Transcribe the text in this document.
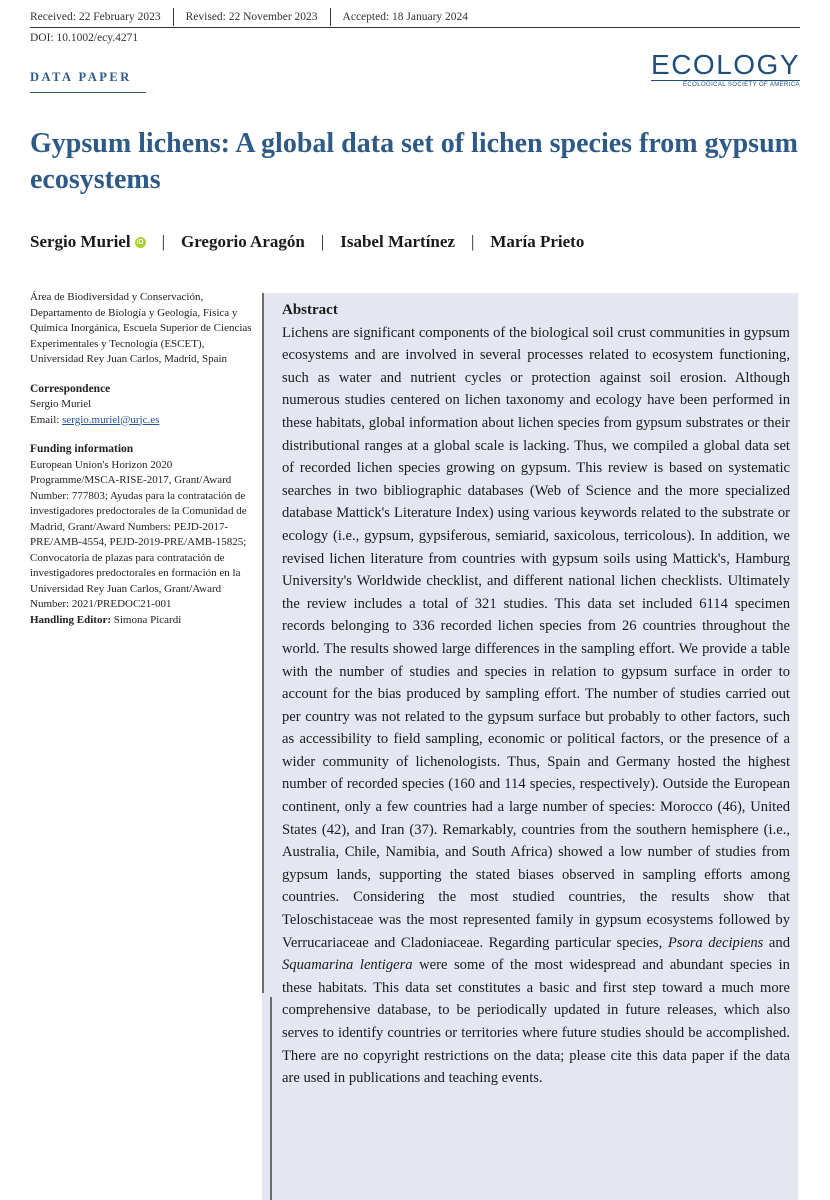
Received: 22 February 2023	Revised: 22 November 2023	Accepted: 18 January 2024
DOI: 10.1002/ecy.4271
ECOLOGY
ECOLOGICAL SOCIETY OF AMERICA
DATA PAPER
Gypsum lichens: A global data set of lichen species from gypsum ecosystems
Sergio Muriel iD | Gregorio Aragón | Isabel Martínez | María Prieto
Área de Biodiversidad y Conservación, Departamento de Biología y Geología, Física y Química Inorgánica, Escuela Superior de Ciencias Experimentales y Tecnología (ESCET), Universidad Rey Juan Carlos, Madrid, Spain
Correspondence
Sergio Muriel
Email: sergio.muriel@urjc.es
Funding information
European Union's Horizon 2020 Programme/MSCA-RISE-2017, Grant/Award Number: 777803; Ayudas para la contratación de investigadores predoctorales de la Comunidad de Madrid, Grant/Award Numbers: PEJD-2017-PRE/AMB-4554, PEJD-2019-PRE/AMB-15825; Convocatoria de plazas para contratación de investigadores predoctorales en formación en la Universidad Rey Juan Carlos, Grant/Award Number: 2021/PREDOC21-001
Handling Editor: Simona Picardi
Abstract
Lichens are significant components of the biological soil crust communities in gypsum ecosystems and are involved in several processes related to ecosystem functioning, such as water and nutrient cycles or protection against soil erosion. Although numerous studies centered on lichen taxonomy and ecology have been performed in these habitats, global information about lichen species from gypsum substrates or their distributional ranges at a global scale is lacking. Thus, we compiled a global data set of recorded lichen species growing on gypsum. This review is based on systematic searches in two bibliographic databases (Web of Science and the more specialized database Mattick's Literature Index) using various keywords related to the substrate or ecology (i.e., gypsum, gypsiferous, semiarid, saxicolous, terricolous). In addition, we revised lichen literature from countries with gypsum soils using Mattick's, Hamburg University's Worldwide checklist, and different national lichen checklists. Ultimately the review includes a total of 321 studies. This data set included 6114 specimen records belonging to 336 recorded lichen species from 26 countries throughout the world. The results showed large differences in the sampling effort. We provide a table with the number of studies and species in relation to gypsum surface in order to account for the bias produced by sampling effort. The number of studies carried out per country was not related to the gypsum surface but probably to other factors, such as accessibility to field sampling, economic or political factors, or the presence of a wider community of lichenologists. Thus, Spain and Germany hosted the highest number of recorded species (160 and 114 species, respectively). Outside the European continent, only a few countries had a large number of species: Morocco (46), United States (42), and Iran (37). Remarkably, countries from the southern hemisphere (i.e., Australia, Chile, Namibia, and South Africa) showed a low number of studies from gypsum lands, supporting the stated biases observed in sampling efforts among countries. Considering the most studied countries, the results show that Teloschistaceae was the most represented family in gypsum ecosystems followed by Verrucariaceae and Cladoniaceae. Regarding particular species, Psora decipiens and Squamarina lentigera were some of the most widespread and abundant species in these habitats. This data set constitutes a basic and first step toward a much more comprehensive database, to be periodically updated in future releases, which also serves to identify countries or territories where future studies should be accomplished. There are no copyright restrictions on the data; please cite this data paper if the data are used in publications and teaching events.
